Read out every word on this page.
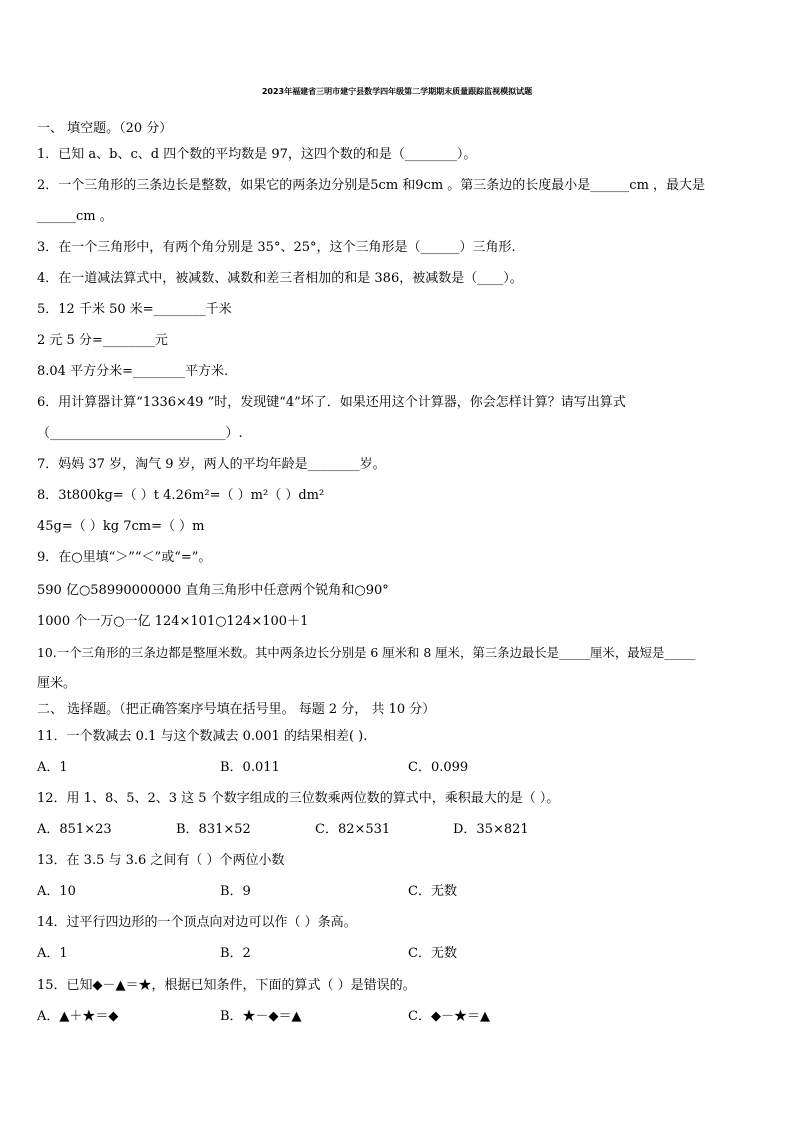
2023年福建省三明市建宁县数学四年级第二学期期末质量跟踪监视模拟试题
一、 填空题。（20 分）
1．已知 a、b、c、d 四个数的平均数是 97，这四个数的和是（________）。
2．一个三角形的三条边长是整数，如果它的两条边分别是5cm 和9cm 。第三条边的长度最小是______cm ，最大是
______cm 。
3．在一个三角形中，有两个角分别是 35°、25°，这个三角形是（______）三角形.
4．在一道减法算式中，被减数、减数和差三者相加的和是 386，被减数是（____）。
5．12 千米 50 米=________千米
2 元 5 分=________元
8.04 平方分米=________平方米.
6．用计算器计算“1336×49 ”时，发现键“4”坏了．如果还用这个计算器，你会怎样计算？请写出算式
（___________________________）.
7．妈妈 37 岁，淘气 9 岁，两人的平均年龄是________岁。
8．3t800kg=（ ）t 4.26m²=（ ）m²（ ）dm²
45g=（ ）kg 7cm=（ ）m
9．在○里填“＞”“＜”或“=”。
590 亿○58990000000 直角三角形中任意两个锐角和○90°
1000 个一万○一亿 124×101○124×100＋1
10.一个三角形的三条边都是整厘米数。其中两条边长分别是 6 厘米和 8 厘米，第三条边最长是_____厘米，最短是_____
厘米。
二、 选择题。（把正确答案序号填在括号里。 每题 2 分， 共 10 分）
11．一个数减去 0.1 与这个数减去 0.001 的结果相差( ).
A．1	B．0.011	C．0.099
12．用 1、8、5、2、3 这 5 个数字组成的三位数乘两位数的算式中，乘积最大的是（ ）。
A．851×23	B．831×52	C．82×531	D．35×821
13．在 3.5 与 3.6 之间有（ ）个两位小数
A．10	B．9	C．无数
14．过平行四边形的一个顶点向对边可以作（ ）条高。
A．1	B．2	C．无数
15．已知◆－▲＝★，根据已知条件，下面的算式（ ）是错误的。
A．▲＋★＝◆	B．★－◆＝▲	C．◆－★＝▲
